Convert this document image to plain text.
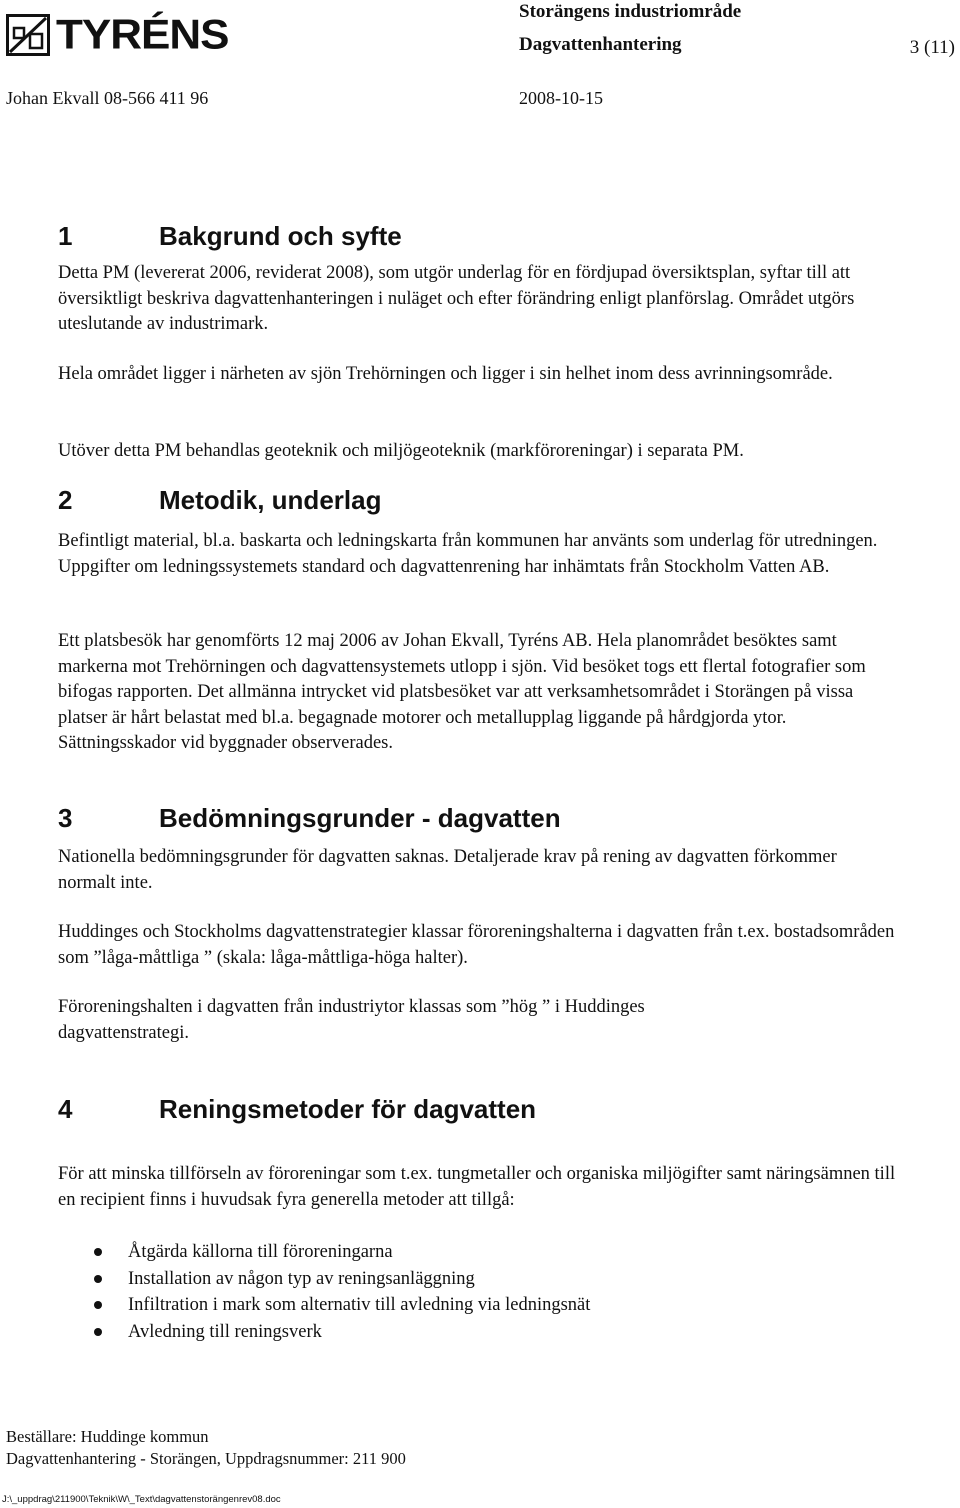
TYRÉNS	Storängens industriområde
Dagvattenhantering	3 (11)
Johan Ekvall 08-566 411 96	2008-10-15
1	Bakgrund och syfte

Detta PM (levererat 2006, reviderat 2008), som utgör underlag för en fördjupad översiktsplan, syftar till att översiktligt beskriva dagvattenhanteringen i nuläget och efter förändring enligt planförslag. Området utgörs uteslutande av industrimark.

Hela området ligger i närheten av sjön Trehörningen och ligger i sin helhet inom dess avrinningsområde.

Utöver detta PM behandlas geoteknik och miljögeoteknik (markföroreningar) i separata PM.

2	Metodik, underlag

Befintligt material, bl.a. baskarta och ledningskarta från kommunen har använts som underlag för utredningen. Uppgifter om ledningssystemets standard och dagvattenrening har inhämtats från Stockholm Vatten AB.

Ett platsbesök har genomförts 12 maj 2006 av Johan Ekvall, Tyréns AB. Hela planområdet besöktes samt markerna mot Trehörningen och dagvattensystemets utlopp i sjön. Vid besöket togs ett flertal fotografier som bifogas rapporten. Det allmänna intrycket vid platsbesöket var att verksamhetsområdet i Storängen på vissa platser är hårt belastat med bl.a. begagnade motorer och metallupplag liggande på hårdgjorda ytor. Sättningsskador vid byggnader observerades.

3	Bedömningsgrunder - dagvatten

Nationella bedömningsgrunder för dagvatten saknas. Detaljerade krav på rening av dagvatten förkommer normalt inte.

Huddinges och Stockholms dagvattenstrategier klassar föroreningshalterna i dagvatten från t.ex. bostadsområden som ”låga-måttliga ” (skala: låga-måttliga-höga halter).

Föroreningshalten i dagvatten från industriytor klassas som ”hög ” i Huddinges dagvattenstrategi.

4	Reningsmetoder för dagvatten

För att minska tillförseln av föroreningar som t.ex. tungmetaller och organiska miljögifter samt näringsämnen till en recipient finns i huvudsak fyra generella metoder att tillgå:

Åtgärda källorna till föroreningarna
Installation av någon typ av reningsanläggning
Infiltration i mark som alternativ till avledning via ledningsnät
Avledning till reningsverk
Beställare: Huddinge kommun
Dagvattenhantering - Storängen, Uppdragsnummer: 211 900
J:\_uppdrag\211900\Teknik\W\_Text\dagvattenstorängenrev08.doc
